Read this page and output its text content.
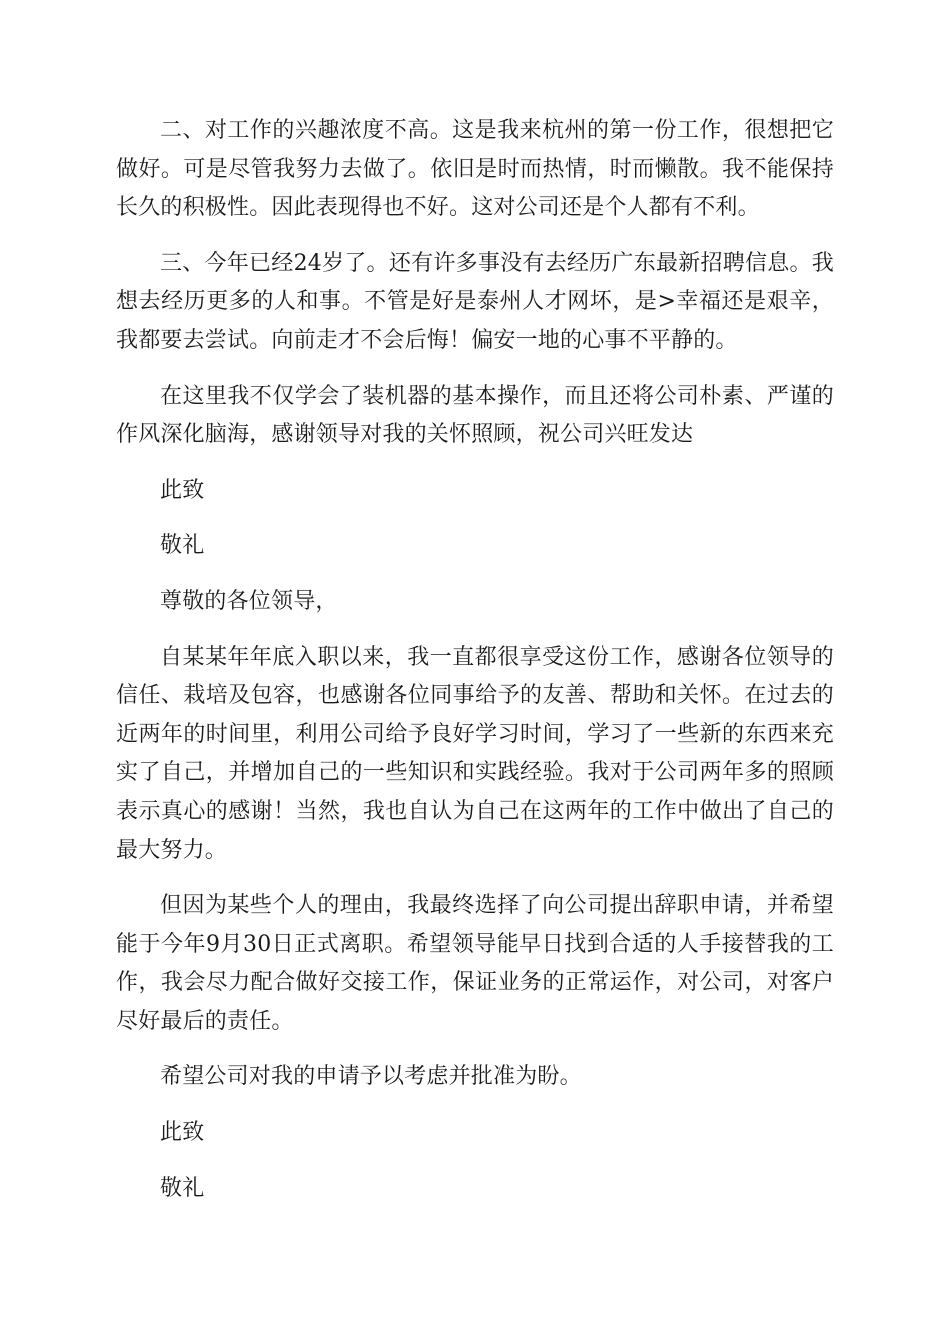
二、对工作的兴趣浓度不高。这是我来杭州的第一份工作，很想把它做好。可是尽管我努力去做了。依旧是时而热情，时而懒散。我不能保持长久的积极性。因此表现得也不好。这对公司还是个人都有不利。

三、今年已经24岁了。还有许多事没有去经历广东最新招聘信息。我想去经历更多的人和事。不管是好是泰州人才网坏，是>幸福还是艰辛，我都要去尝试。向前走才不会后悔！偏安一地的心事不平静的。

在这里我不仅学会了装机器的基本操作，而且还将公司朴素、严谨的作风深化脑海，感谢领导对我的关怀照顾，祝公司兴旺发达

此致

敬礼

尊敬的各位领导，

自某某年年底入职以来，我一直都很享受这份工作，感谢各位领导的信任、栽培及包容，也感谢各位同事给予的友善、帮助和关怀。在过去的近两年的时间里，利用公司给予良好学习时间，学习了一些新的东西来充实了自己，并增加自己的一些知识和实践经验。我对于公司两年多的照顾表示真心的感谢！当然，我也自认为自己在这两年的工作中做出了自己的最大努力。

但因为某些个人的理由，我最终选择了向公司提出辞职申请，并希望能于今年9月30日正式离职。希望领导能早日找到合适的人手接替我的工作，我会尽力配合做好交接工作，保证业务的正常运作，对公司，对客户尽好最后的责任。

希望公司对我的申请予以考虑并批准为盼。

此致

敬礼
